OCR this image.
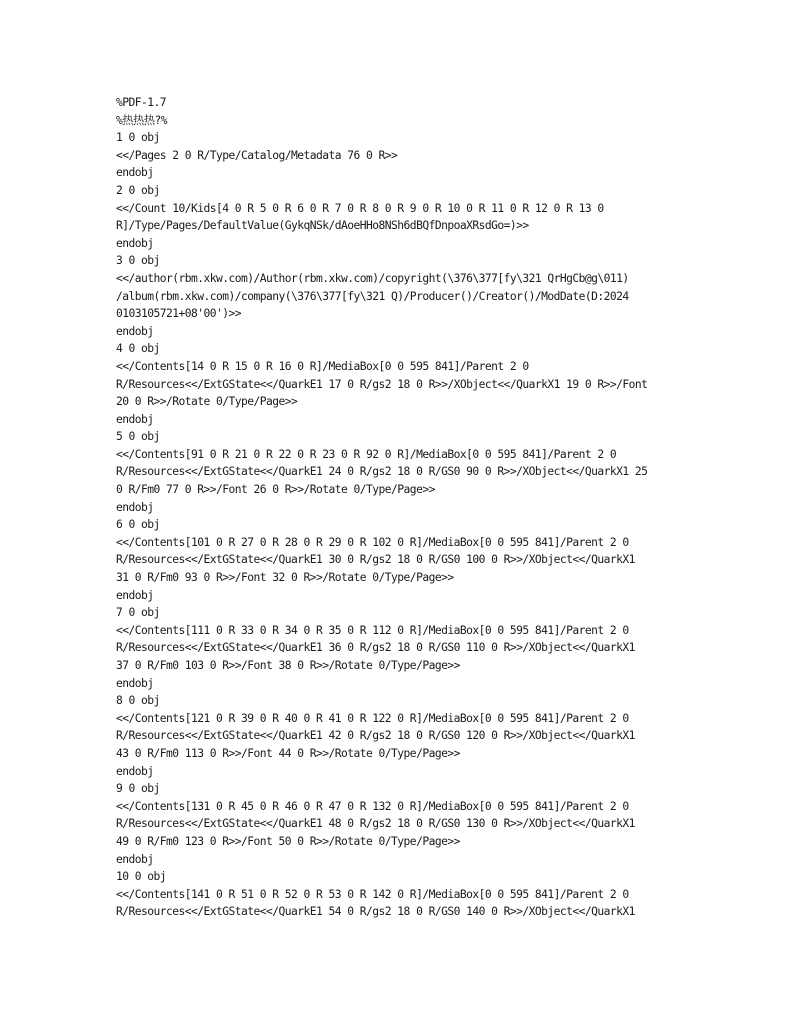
%PDF-1.7
%热热热?%
1 0 obj
<</Pages 2 0 R/Type/Catalog/Metadata 76 0 R>>
endobj
2 0 obj
<</Count 10/Kids[4 0 R 5 0 R 6 0 R 7 0 R 8 0 R 9 0 R 10 0 R 11 0 R 12 0 R 13 0
R]/Type/Pages/DefaultValue(GykqNSk/dAoeHHo8NSh6dBQfDnpoaXRsdGo=)>>
endobj
3 0 obj
<</author(rbm.xkw.com)/Author(rbm.xkw.com)/copyright(\376\377[fy\321 QrHgCb@g\011)
/album(rbm.xkw.com)/company(\376\377[fy\321 Q)/Producer()/Creator()/ModDate(D:2024
0103105721+08'00')>>
endobj
4 0 obj
<</Contents[14 0 R 15 0 R 16 0 R]/MediaBox[0 0 595 841]/Parent 2 0
R/Resources<</ExtGState<</QuarkE1 17 0 R/gs2 18 0 R>>/XObject<</QuarkX1 19 0 R>>/Font
20 0 R>>/Rotate 0/Type/Page>>
endobj
5 0 obj
<</Contents[91 0 R 21 0 R 22 0 R 23 0 R 92 0 R]/MediaBox[0 0 595 841]/Parent 2 0
R/Resources<</ExtGState<</QuarkE1 24 0 R/gs2 18 0 R/GS0 90 0 R>>/XObject<</QuarkX1 25
0 R/Fm0 77 0 R>>/Font 26 0 R>>/Rotate 0/Type/Page>>
endobj
6 0 obj
<</Contents[101 0 R 27 0 R 28 0 R 29 0 R 102 0 R]/MediaBox[0 0 595 841]/Parent 2 0
R/Resources<</ExtGState<</QuarkE1 30 0 R/gs2 18 0 R/GS0 100 0 R>>/XObject<</QuarkX1
31 0 R/Fm0 93 0 R>>/Font 32 0 R>>/Rotate 0/Type/Page>>
endobj
7 0 obj
<</Contents[111 0 R 33 0 R 34 0 R 35 0 R 112 0 R]/MediaBox[0 0 595 841]/Parent 2 0
R/Resources<</ExtGState<</QuarkE1 36 0 R/gs2 18 0 R/GS0 110 0 R>>/XObject<</QuarkX1
37 0 R/Fm0 103 0 R>>/Font 38 0 R>>/Rotate 0/Type/Page>>
endobj
8 0 obj
<</Contents[121 0 R 39 0 R 40 0 R 41 0 R 122 0 R]/MediaBox[0 0 595 841]/Parent 2 0
R/Resources<</ExtGState<</QuarkE1 42 0 R/gs2 18 0 R/GS0 120 0 R>>/XObject<</QuarkX1
43 0 R/Fm0 113 0 R>>/Font 44 0 R>>/Rotate 0/Type/Page>>
endobj
9 0 obj
<</Contents[131 0 R 45 0 R 46 0 R 47 0 R 132 0 R]/MediaBox[0 0 595 841]/Parent 2 0
R/Resources<</ExtGState<</QuarkE1 48 0 R/gs2 18 0 R/GS0 130 0 R>>/XObject<</QuarkX1
49 0 R/Fm0 123 0 R>>/Font 50 0 R>>/Rotate 0/Type/Page>>
endobj
10 0 obj
<</Contents[141 0 R 51 0 R 52 0 R 53 0 R 142 0 R]/MediaBox[0 0 595 841]/Parent 2 0
R/Resources<</ExtGState<</QuarkE1 54 0 R/gs2 18 0 R/GS0 140 0 R>>/XObject<</QuarkX1
